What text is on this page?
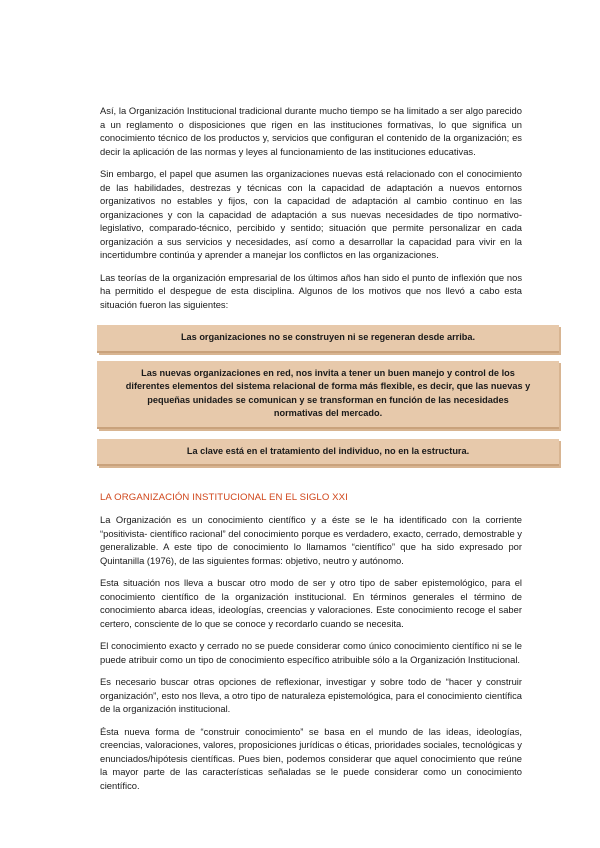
Así, la Organización Institucional tradicional durante mucho tiempo se ha limitado a ser algo parecido a un reglamento o disposiciones que rigen en las instituciones formativas, lo que significa un conocimiento técnico de los productos y, servicios que configuran el contenido de la organización; es decir la aplicación de las normas y leyes al funcionamiento de las instituciones educativas.

Sin embargo, el papel que asumen las organizaciones nuevas está relacionado con el conocimiento de las habilidades, destrezas y técnicas con la capacidad de adaptación a nuevos entornos organizativos no estables y fijos, con la capacidad de adaptación al cambio continuo en las organizaciones y con la capacidad de adaptación a sus nuevas necesidades de tipo normativo-legislativo, comparado-técnico, percibido y sentido; situación que permite personalizar en cada organización a sus servicios y necesidades, así como a desarrollar la capacidad para vivir en la incertidumbre continúa y aprender a manejar los conflictos en las organizaciones.

Las teorías de la organización empresarial de los últimos años han sido el punto de inflexión que nos ha permitido el despegue de esta disciplina. Algunos de los motivos que nos llevó a cabo esta situación fueron las siguientes:

Las organizaciones no se construyen ni se regeneran desde arriba.
Las nuevas organizaciones en red, nos invita a tener un buen manejo y control de los diferentes elementos del sistema relacional de forma más flexible, es decir, que las nuevas y pequeñas unidades se comunican y se transforman en función de las necesidades normativas del mercado.
La clave está en el tratamiento del individuo, no en la estructura.
LA ORGANIZACIÓN INSTITUCIONAL EN EL SIGLO XXI

La Organización es un conocimiento científico y a éste se le ha identificado con la corriente “positivista- científico racional” del conocimiento porque es verdadero, exacto, cerrado, demostrable y generalizable. A este tipo de conocimiento lo llamamos “científico” que ha sido expresado por Quintanilla (1976), de las siguientes formas: objetivo, neutro y autónomo.

Esta situación nos lleva a buscar otro modo de ser y otro tipo de saber epistemológico, para el conocimiento científico de la organización institucional. En términos generales el término de conocimiento abarca ideas, ideologías, creencias y valoraciones. Este conocimiento recoge el saber certero, consciente de lo que se conoce y recordarlo cuando se necesita.

El conocimiento exacto y cerrado no se puede considerar como único conocimiento científico ni se le puede atribuir como un tipo de conocimiento específico atribuible sólo a la Organización Institucional.

Es necesario buscar otras opciones de reflexionar, investigar y sobre todo de “hacer y construir organización”, esto nos lleva, a otro tipo de naturaleza epistemológica, para el conocimiento científica de la organización institucional.

Ésta nueva forma de “construir conocimiento” se basa en el mundo de las ideas, ideologías, creencias, valoraciones, valores, proposiciones jurídicas o éticas, prioridades sociales, tecnológicas y enunciados/hipótesis científicas. Pues bien, podemos considerar que aquel conocimiento que reúne la mayor parte de las características señaladas se le puede considerar como un conocimiento científico.
